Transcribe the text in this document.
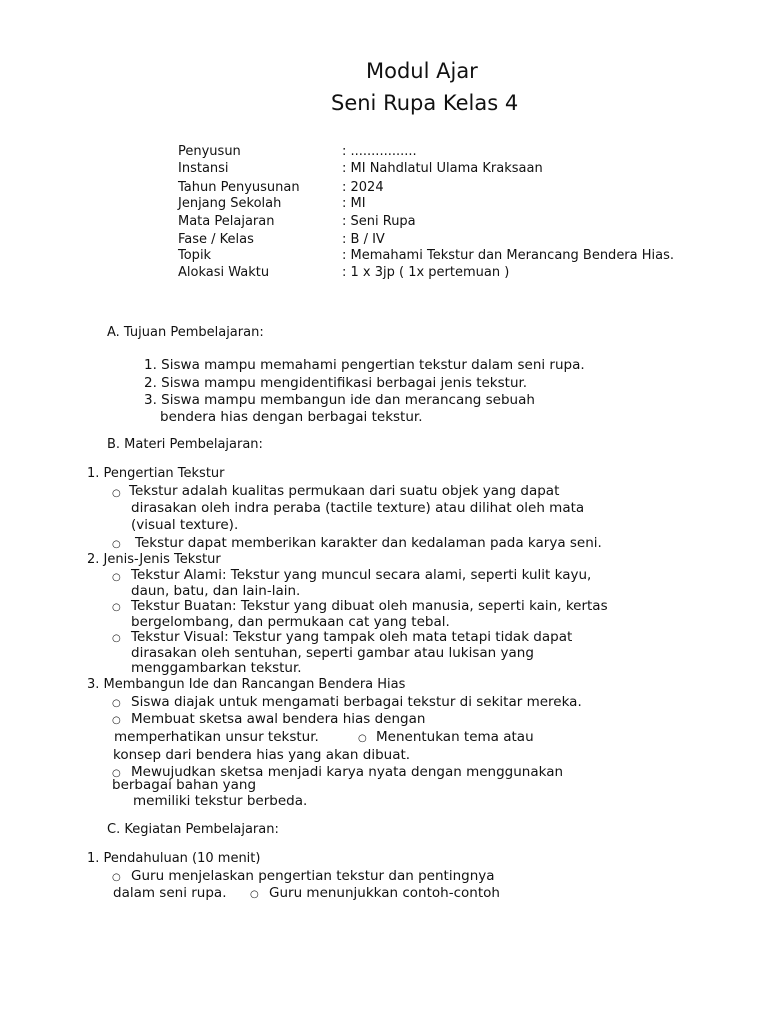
Modul Ajar
Seni Rupa Kelas 4
Penyusun	: ................
Instansi	: MI Nahdlatul Ulama Kraksaan
Tahun Penyusunan	: 2024
Jenjang Sekolah	: MI
Mata Pelajaran	: Seni Rupa
Fase / Kelas	: B / IV
Topik	: Memahami Tekstur dan Merancang Bendera Hias.
Alokasi Waktu	: 1 x 3jp ( 1x pertemuan )
A. Tujuan Pembelajaran:
1. Siswa mampu memahami pengertian tekstur dalam seni rupa.
2. Siswa mampu mengidentifikasi berbagai jenis tekstur.
3. Siswa mampu membangun ide dan merancang sebuah
bendera hias dengan berbagai tekstur.
B. Materi Pembelajaran:
1. Pengertian Tekstur
○ Tekstur adalah kualitas permukaan dari suatu objek yang dapat
dirasakan oleh indra peraba (tactile texture) atau dilihat oleh mata
(visual texture).
○ Tekstur dapat memberikan karakter dan kedalaman pada karya seni.
2. Jenis-Jenis Tekstur
○ Tekstur Alami: Tekstur yang muncul secara alami, seperti kulit kayu,
daun, batu, dan lain-lain.
○ Tekstur Buatan: Tekstur yang dibuat oleh manusia, seperti kain, kertas
bergelombang, dan permukaan cat yang tebal.
○ Tekstur Visual: Tekstur yang tampak oleh mata tetapi tidak dapat
dirasakan oleh sentuhan, seperti gambar atau lukisan yang
menggambarkan tekstur.
3. Membangun Ide dan Rancangan Bendera Hias
○ Siswa diajak untuk mengamati berbagai tekstur di sekitar mereka.
○ Membuat sketsa awal bendera hias dengan
memperhatikan unsur tekstur.	○ Menentukan tema atau
konsep dari bendera hias yang akan dibuat.
○ Mewujudkan sketsa menjadi karya nyata dengan menggunakan
berbagai bahan yang
memiliki tekstur berbeda.
C. Kegiatan Pembelajaran:
1. Pendahuluan (10 menit)
○ Guru menjelaskan pengertian tekstur dan pentingnya
dalam seni rupa. ○ Guru menunjukkan contoh-contoh
